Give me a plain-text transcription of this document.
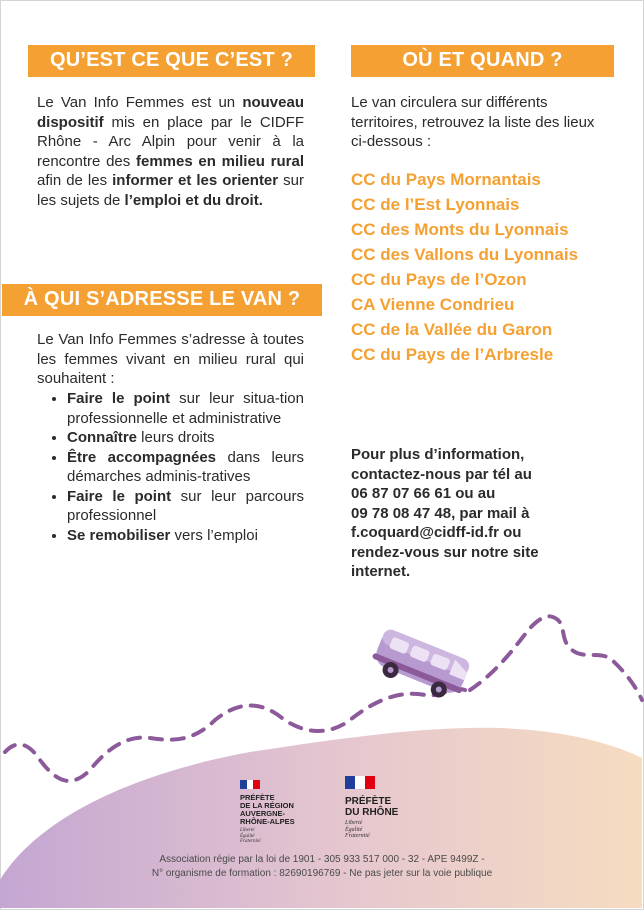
QU’EST CE QUE C’EST ?
Le Van Info Femmes est un nouveau dispositif mis en place par le CIDFF Rhône - Arc Alpin pour venir à la rencontre des femmes en milieu rural afin de les informer et les orienter sur les sujets de l’emploi et du droit.
À QUI S’ADRESSE LE VAN ?
Le Van Info Femmes s’adresse à toutes les femmes vivant en milieu rural qui souhaitent :
• Faire le point sur leur situa-tion professionnelle et administrative
• Connaître leurs droits
• Être accompagnées dans leurs démarches adminis-tratives
• Faire le point sur leur parcours professionnel
• Se remobiliser vers l’emploi
OÙ ET QUAND ?
Le van circulera sur différents territoires, retrouvez la liste des lieux ci-dessous :
CC du Pays Mornantais
CC de l’Est Lyonnais
CC des Monts du Lyonnais
CC des Vallons du Lyonnais
CC du Pays de l’Ozon
CA Vienne Condrieu
CC de la Vallée du Garon
CC du Pays de l’Arbresle
Pour plus d’information,
contactez-nous par tél au
06 87 07 66 61 ou au
09 78 08 47 48, par mail à
f.coquard@cidff-id.fr ou
rendez-vous sur notre site
internet.
PRÉFÈTE
DE LA RÉGION
AUVERGNE-
RHÔNE-ALPES
Liberté
Égalité
Fraternité
PRÉFÈTE
DU RHÔNE
Liberté
Égalité
Fraternité
Association régie par la loi de 1901 - 305 933 517 000 - 32 - APE 9499Z -
N° organisme de formation : 82690196769 - Ne pas jeter sur la voie publique
